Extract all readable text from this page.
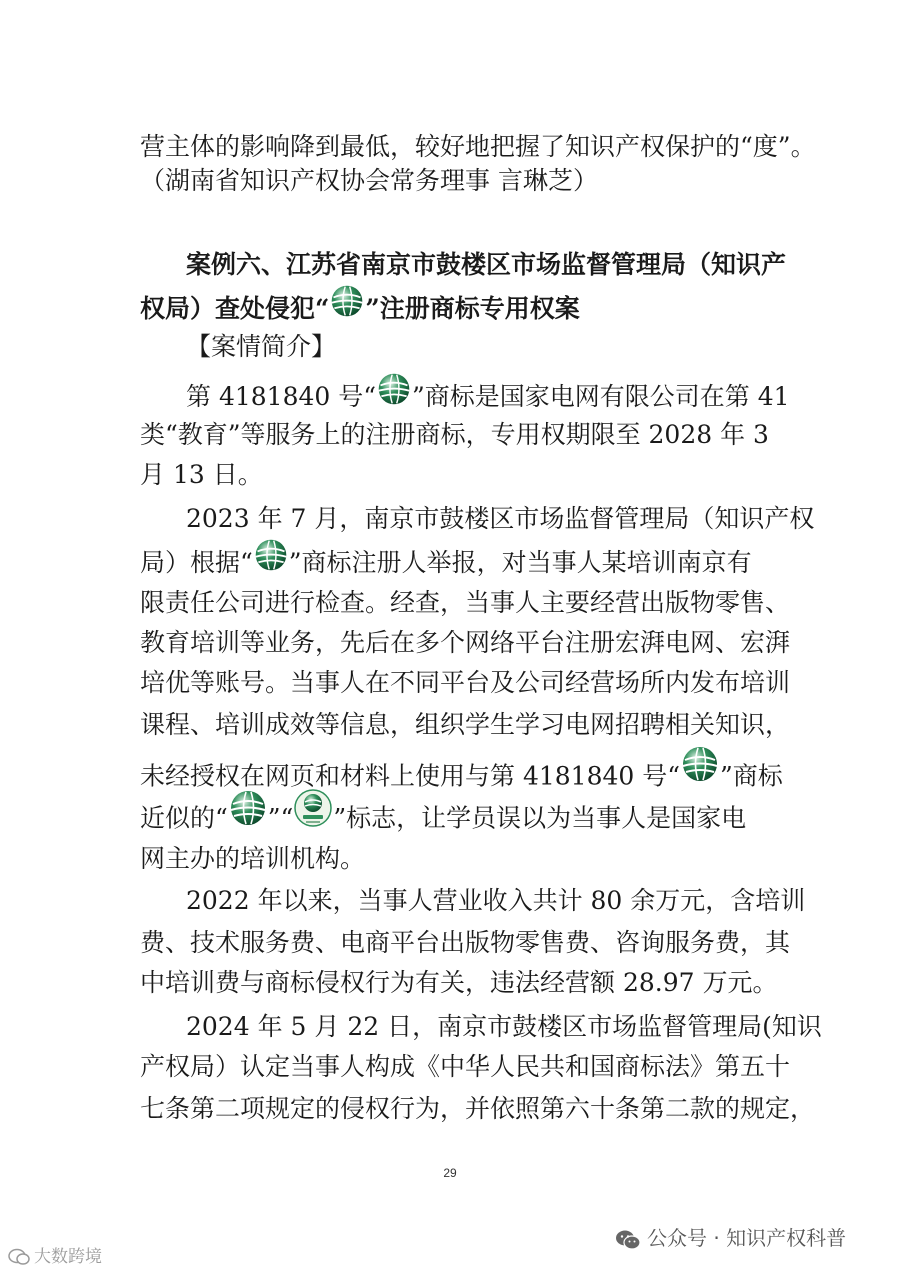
营主体的影响降到最低，较好地把握了知识产权保护的“度”。
（湖南省知识产权协会常务理事 言琳芝）
案例六、江苏省南京市鼓楼区市场监督管理局（知识产
权局）查处侵犯“ ”注册商标专用权案
【案情简介】
第 4181840 号“ ”商标是国家电网有限公司在第 41
类“教育”等服务上的注册商标，专用权期限至 2028 年 3
月 13 日。
2023 年 7 月，南京市鼓楼区市场监督管理局（知识产权
局）根据“ ”商标注册人举报，对当事人某培训南京有
限责任公司进行检查。经查，当事人主要经营出版物零售、
教育培训等业务，先后在多个网络平台注册宏湃电网、宏湃
培优等账号。当事人在不同平台及公司经营场所内发布培训
课程、培训成效等信息，组织学生学习电网招聘相关知识，
未经授权在网页和材料上使用与第 4181840 号“ ”商标
近似的“ ”“ ”标志，让学员误以为当事人是国家电
网主办的培训机构。
2022 年以来，当事人营业收入共计 80 余万元，含培训
费、技术服务费、电商平台出版物零售费、咨询服务费，其
中培训费与商标侵权行为有关，违法经营额 28.97 万元。
2024 年 5 月 22 日，南京市鼓楼区市场监督管理局(知识
产权局）认定当事人构成《中华人民共和国商标法》第五十
七条第二项规定的侵权行为，并依照第六十条第二款的规定，
29
公众号 · 知识产权科普
大数跨境
